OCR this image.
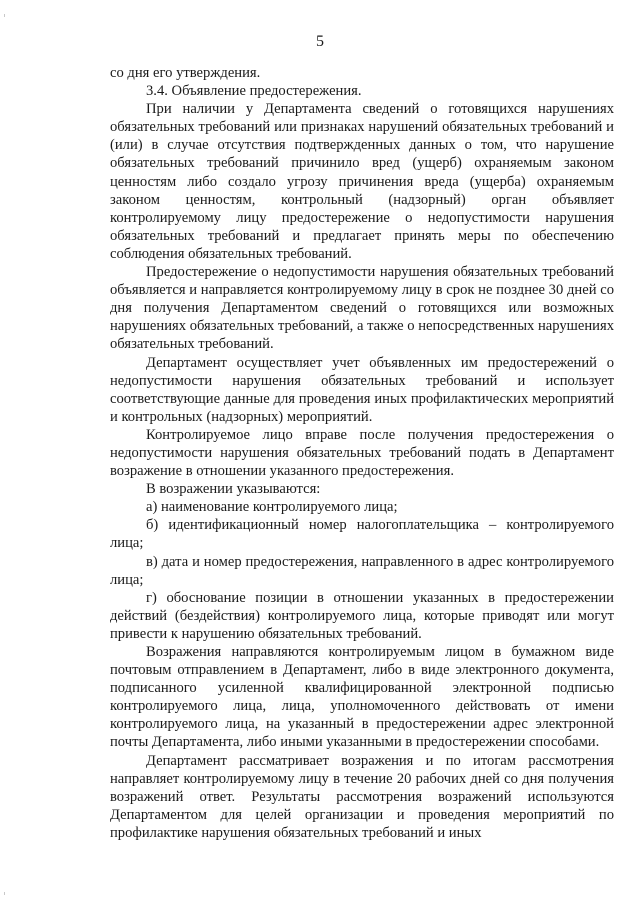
5

со дня его утверждения.

3.4. Объявление предостережения.

При наличии у Департамента сведений о готовящихся нарушениях обязательных требований или признаках нарушений обязательных требований и (или) в случае отсутствия подтвержденных данных о том, что нарушение обязательных требований причинило вред (ущерб) охраняемым законом ценностям либо создало угрозу причинения вреда (ущерба) охраняемым законом ценностям, контрольный (надзорный) орган объявляет контролируемому лицу предостережение о недопустимости нарушения обязательных требований и предлагает принять меры по обеспечению соблюдения обязательных требований.

Предостережение о недопустимости нарушения обязательных требований объявляется и направляется контролируемому лицу в срок не позднее 30 дней со дня получения Департаментом сведений о готовящихся или возможных нарушениях обязательных требований, а также о непосредственных нарушениях обязательных требований.

Департамент осуществляет учет объявленных им предостережений о недопустимости нарушения обязательных требований и использует соответствующие данные для проведения иных профилактических мероприятий и контрольных (надзорных) мероприятий.

Контролируемое лицо вправе после получения предостережения о недопустимости нарушения обязательных требований подать в Департамент возражение в отношении указанного предостережения.

В возражении указываются:

а) наименование контролируемого лица;

б) идентификационный номер налогоплательщика – контролируемого лица;

в) дата и номер предостережения, направленного в адрес контролируемого лица;

г) обоснование позиции в отношении указанных в предостережении действий (бездействия) контролируемого лица, которые приводят или могут привести к нарушению обязательных требований.

Возражения направляются контролируемым лицом в бумажном виде почтовым отправлением в Департамент, либо в виде электронного документа, подписанного усиленной квалифицированной электронной подписью контролируемого лица, лица, уполномоченного действовать от имени контролируемого лица, на указанный в предостережении адрес электронной почты Департамента, либо иными указанными в предостережении способами.

Департамент рассматривает возражения и по итогам рассмотрения направляет контролируемому лицу в течение 20 рабочих дней со дня получения возражений ответ. Результаты рассмотрения возражений используются Департаментом для целей организации и проведения мероприятий по профилактике нарушения обязательных требований и иных
